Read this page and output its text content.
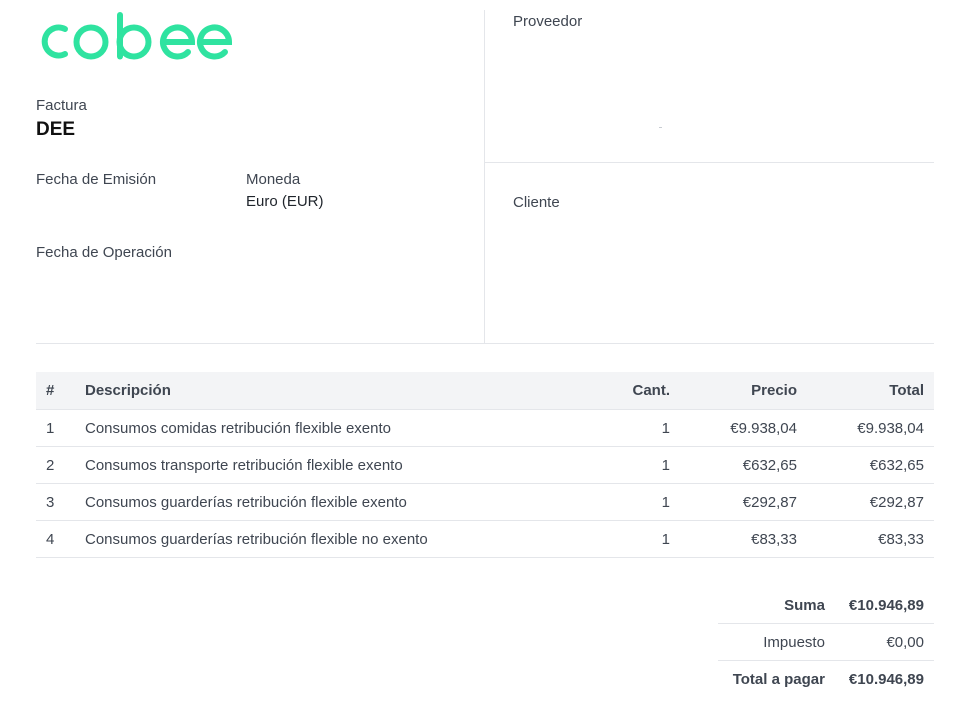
Factura
DEE
Fecha de Emisión	Moneda
Euro (EUR)
Fecha de Operación
Proveedor
Cliente
#	Descripción	Cant.	Precio	Total
1	Consumos comidas retribución flexible exento	1	€9.938,04	€9.938,04
2	Consumos transporte retribución flexible exento	1	€632,65	€632,65
3	Consumos guarderías retribución flexible exento	1	€292,87	€292,87
4	Consumos guarderías retribución flexible no exento	1	€83,33	€83,33
Suma	€10.946,89
Impuesto	€0,00
Total a pagar	€10.946,89
